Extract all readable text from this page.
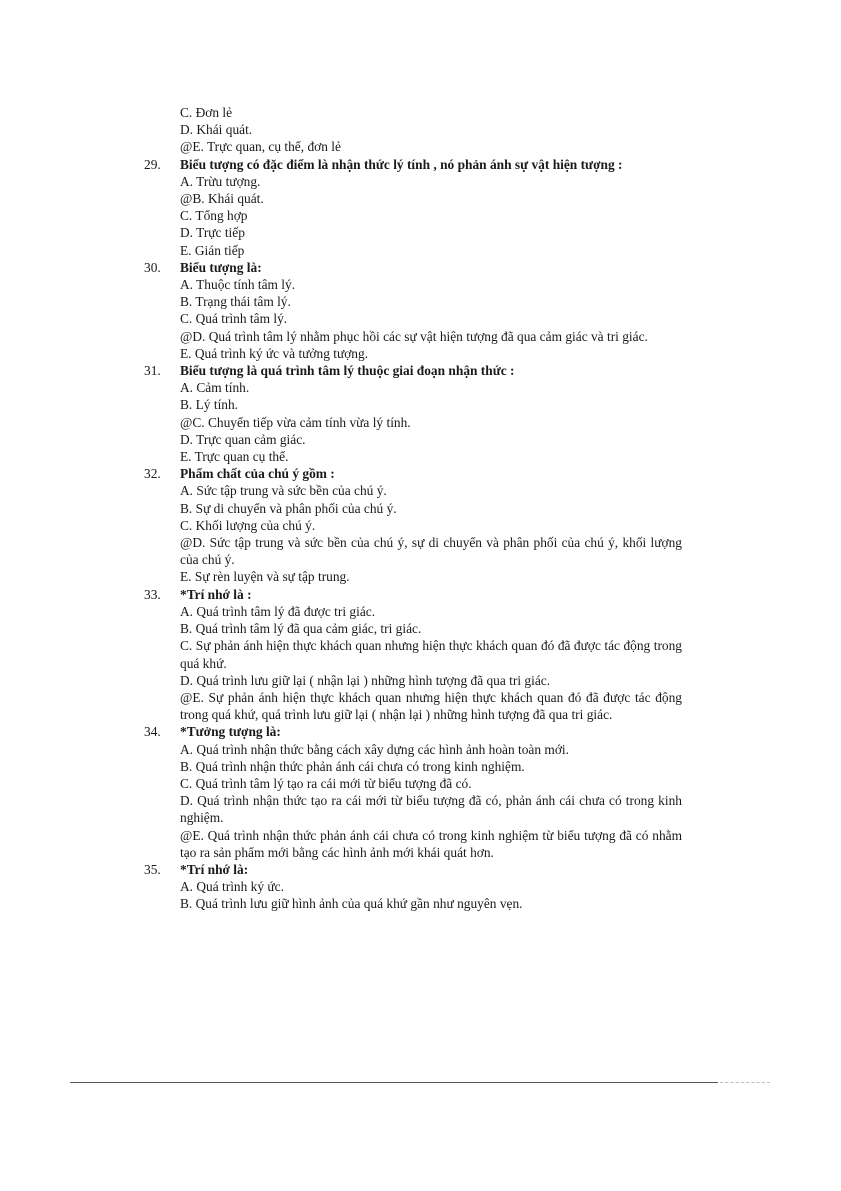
C. Đơn lẻ
D. Khái quát.
@E. Trực quan, cụ thể, đơn lẻ
29.	Biểu tượng có đặc điểm là nhận thức lý tính , nó phản ánh sự vật hiện tượng :
A. Trừu tượng.
@B. Khái quát.
C. Tổng hợp
D. Trực tiếp
E. Gián tiếp
30.	Biểu tượng là:
A. Thuộc tính tâm lý.
B. Trạng thái tâm lý.
C. Quá trình tâm lý.
@D. Quá trình tâm lý nhằm phục hồi các sự vật hiện tượng đã qua cảm giác và tri giác.
E. Quá trình ký ức và tưởng tượng.
31.	Biểu tượng là quá trình tâm lý thuộc giai đoạn nhận thức :
A. Cảm tính.
B. Lý tính.
@C. Chuyển tiếp vừa cảm tính vừa lý tính.
D. Trực quan cảm giác.
E. Trực quan cụ thể.
32.	Phẩm chất của chú ý gồm :
A. Sức tập trung và sức bền của chú ý.
B. Sự di chuyển và phân phối của chú ý.
C. Khối lượng của chú ý.
@D. Sức tập trung và sức bền của chú ý, sự di chuyển và phân phối của chú ý, khối lượng của chú ý.
E. Sự rèn luyện và sự tập trung.
33.	*Trí nhớ là :
A. Quá trình tâm lý đã được tri giác.
B. Quá trình tâm lý đã qua cảm giác, tri giác.
C. Sự phản ánh hiện thực khách quan nhưng hiện thực khách quan đó đã được tác động trong quá khứ.
D. Quá trình lưu giữ lại ( nhận lại ) những hình tượng đã qua tri giác.
@E. Sự phản ánh hiện thực khách quan nhưng hiện thực khách quan đó đã được tác động trong quá khứ, quá trình lưu giữ lại ( nhận lại ) những hình tượng đã qua tri giác.
34.	*Tưởng tượng là:
A. Quá trình nhận thức bằng cách xây dựng các hình ảnh hoàn toàn mới.
B. Quá trình nhận thức phản ánh cái chưa có trong kinh nghiệm.
C. Quá trình tâm lý tạo ra cái mới từ biểu tượng đã có.
D. Quá trình nhận thức tạo ra cái mới từ biểu tượng đã có, phản ánh cái chưa có trong kinh nghiệm.
@E. Quá trình nhận thức phản ánh cái chưa có trong kinh nghiệm từ biểu tượng đã có nhằm tạo ra sản phẩm mới bằng các hình ảnh mới khái quát hơn.
35.	*Trí nhớ là:
A. Quá trình ký ức.
B. Quá trình lưu giữ hình ảnh của quá khứ gần như nguyên vẹn.
